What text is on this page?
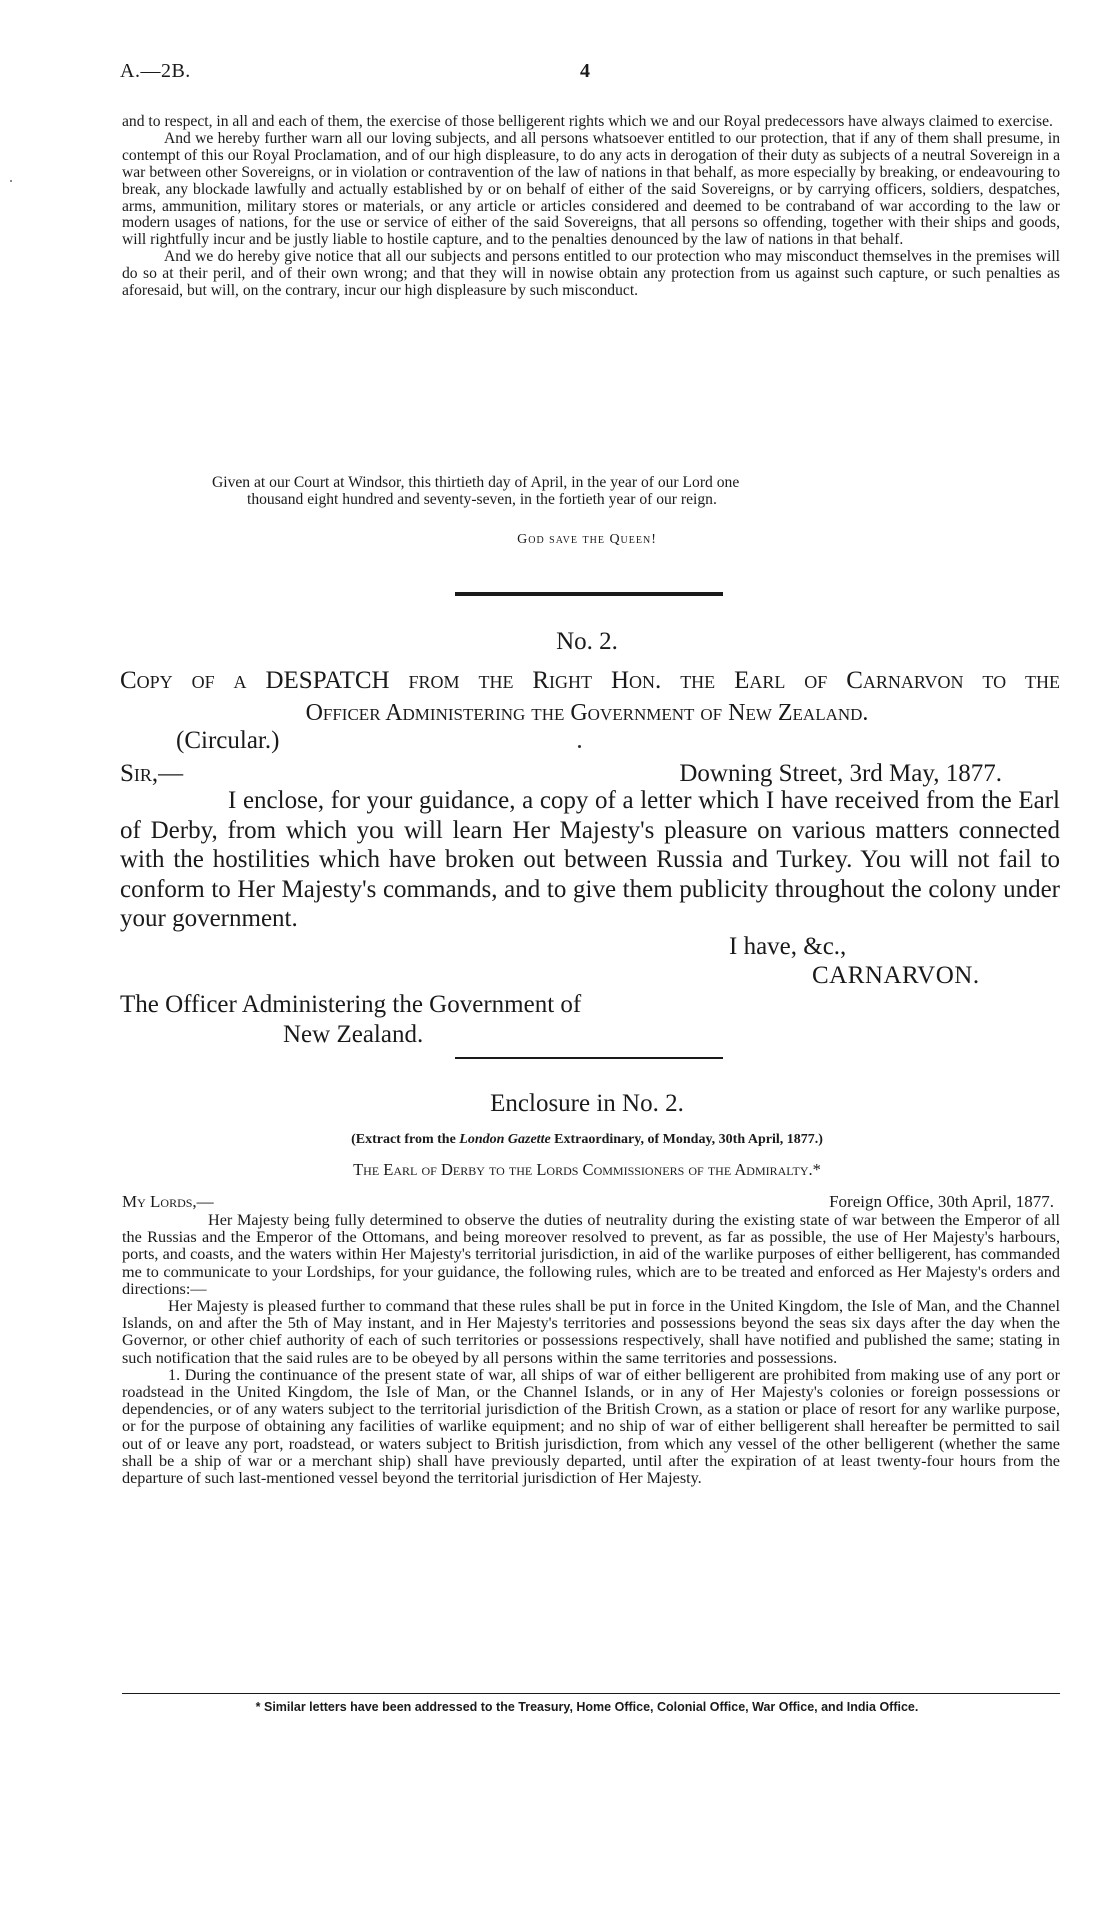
A.—2B.	4

and to respect, in all and each of them, the exercise of those belligerent rights which we and our Royal predecessors have always claimed to exercise.

And we hereby further warn all our loving subjects, and all persons whatsoever entitled to our protection, that if any of them shall presume, in contempt of this our Royal Proclamation, and of our high displeasure, to do any acts in derogation of their duty as subjects of a neutral Sovereign in a war between other Sovereigns, or in violation or contravention of the law of nations in that behalf, as more especially by breaking, or endeavouring to break, any blockade lawfully and actually established by or on behalf of either of the said Sovereigns, or by carrying officers, soldiers, despatches, arms, ammunition, military stores or materials, or any article or articles considered and deemed to be contraband of war according to the law or modern usages of nations, for the use or service of either of the said Sovereigns, that all persons so offending, together with their ships and goods, will rightfully incur and be justly liable to hostile capture, and to the penalties denounced by the law of nations in that behalf.

And we do hereby give notice that all our subjects and persons entitled to our protection who may misconduct themselves in the premises will do so at their peril, and of their own wrong; and that they will in nowise obtain any protection from us against such capture, or such penalties as aforesaid, but will, on the contrary, incur our high displeasure by such misconduct.

Given at our Court at Windsor, this thirtieth day of April, in the year of our Lord one
thousand eight hundred and seventy-seven, in the fortieth year of our reign.
God save the Queen!
No. 2.
Copy of a DESPATCH from the Right Hon. the Earl of Carnarvon to the
Officer Administering the Government of New Zealand.
(Circular.)
Sir,—	Downing Street, 3rd May, 1877.

I enclose, for your guidance, a copy of a letter which I have received from the Earl of Derby, from which you will learn Her Majesty's pleasure on various matters connected with the hostilities which have broken out between Russia and Turkey. You will not fail to conform to Her Majesty's commands, and to give them publicity throughout the colony under your government.

I have, &c.,
CARNARVON.
The Officer Administering the Government of
New Zealand.
Enclosure in No. 2.
(Extract from the London Gazette Extraordinary, of Monday, 30th April, 1877.)
The Earl of Derby to the Lords Commissioners of the Admiralty.*
My Lords,—	Foreign Office, 30th April, 1877.

Her Majesty being fully determined to observe the duties of neutrality during the existing state of war between the Emperor of all the Russias and the Emperor of the Ottomans, and being moreover resolved to prevent, as far as possible, the use of Her Majesty's harbours, ports, and coasts, and the waters within Her Majesty's territorial jurisdiction, in aid of the warlike purposes of either belligerent, has commanded me to communicate to your Lordships, for your guidance, the following rules, which are to be treated and enforced as Her Majesty's orders and directions:—

Her Majesty is pleased further to command that these rules shall be put in force in the United Kingdom, the Isle of Man, and the Channel Islands, on and after the 5th of May instant, and in Her Majesty's territories and possessions beyond the seas six days after the day when the Governor, or other chief authority of each of such territories or possessions respectively, shall have notified and published the same; stating in such notification that the said rules are to be obeyed by all persons within the same territories and possessions.

1. During the continuance of the present state of war, all ships of war of either belligerent are prohibited from making use of any port or roadstead in the United Kingdom, the Isle of Man, or the Channel Islands, or in any of Her Majesty's colonies or foreign possessions or dependencies, or of any waters subject to the territorial jurisdiction of the British Crown, as a station or place of resort for any warlike purpose, or for the purpose of obtaining any facilities of warlike equipment; and no ship of war of either belligerent shall hereafter be permitted to sail out of or leave any port, roadstead, or waters subject to British jurisdiction, from which any vessel of the other belligerent (whether the same shall be a ship of war or a merchant ship) shall have previously departed, until after the expiration of at least twenty-four hours from the departure of such last-mentioned vessel beyond the territorial jurisdiction of Her Majesty.

* Similar letters have been addressed to the Treasury, Home Office, Colonial Office, War Office, and India Office.
